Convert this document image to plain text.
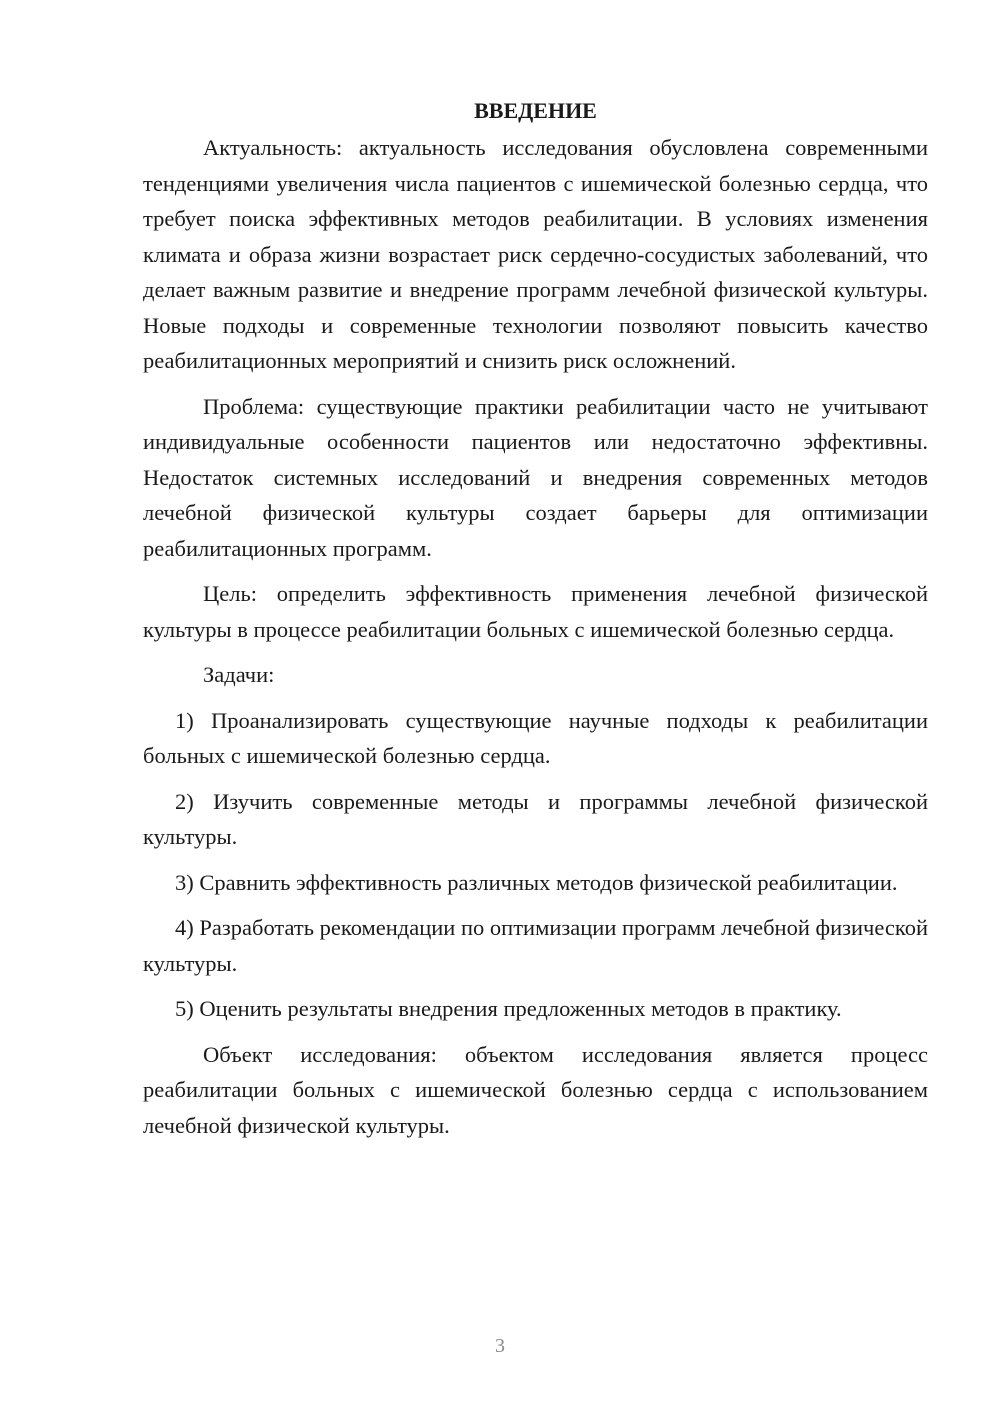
ВВЕДЕНИЕ

Актуальность: актуальность исследования обусловлена современными тенденциями увеличения числа пациентов с ишемической болезнью сердца, что требует поиска эффективных методов реабилитации. В условиях изменения климата и образа жизни возрастает риск сердечно-сосудистых заболеваний, что делает важным развитие и внедрение программ лечебной физической культуры. Новые подходы и современные технологии позволяют повысить качество реабилитационных мероприятий и снизить риск осложнений.

Проблема: существующие практики реабилитации часто не учитывают индивидуальные особенности пациентов или недостаточно эффективны. Недостаток системных исследований и внедрения современных методов лечебной физической культуры создает барьеры для оптимизации реабилитационных программ.

Цель: определить эффективность применения лечебной физической культуры в процессе реабилитации больных с ишемической болезнью сердца.

Задачи:

1) Проанализировать существующие научные подходы к реабилитации больных с ишемической болезнью сердца.

2) Изучить современные методы и программы лечебной физической культуры.

3) Сравнить эффективность различных методов физической реабилитации.

4) Разработать рекомендации по оптимизации программ лечебной физической культуры.

5) Оценить результаты внедрения предложенных методов в практику.

Объект исследования: объектом исследования является процесс реабилитации больных с ишемической болезнью сердца с использованием лечебной физической культуры.

3
